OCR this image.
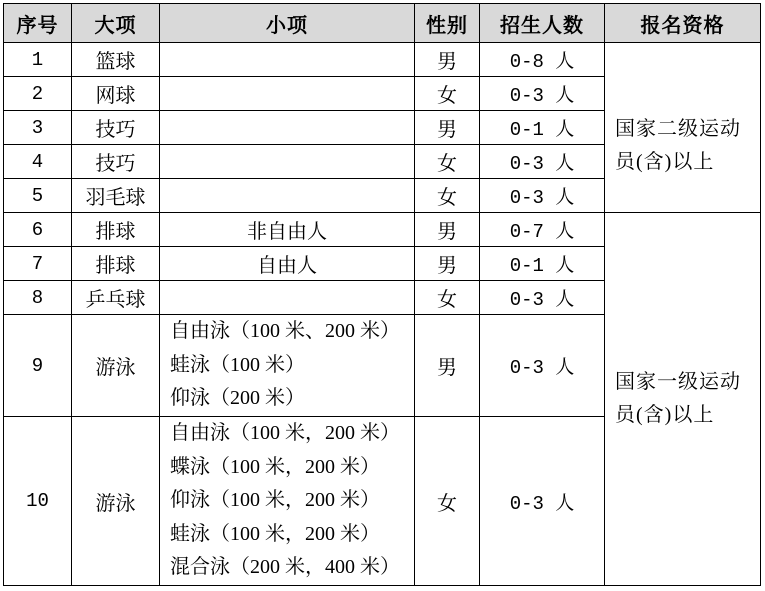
序号	大项	小项	性别	招生人数	报名资格
1	篮球		男	0-8 人	国家二级运动员(含)以上
2	网球		女	0-3 人	
3	技巧		男	0-1 人	
4	技巧		女	0-3 人	
5	羽毛球		女	0-3 人	
6	排球	非自由人	男	0-7 人	国家一级运动员(含)以上
7	排球	自由人	男	0-1 人	
8	乒乓球		女	0-3 人	
9	游泳	自由泳（100 米、200 米）
蛙泳（100 米）
仰泳（200 米）	男	0-3 人	
10	游泳	自由泳（100 米，200 米）
蝶泳（100 米，200 米）
仰泳（100 米，200 米）
蛙泳（100 米，200 米）
混合泳（200 米，400 米）	女	0-3 人	
